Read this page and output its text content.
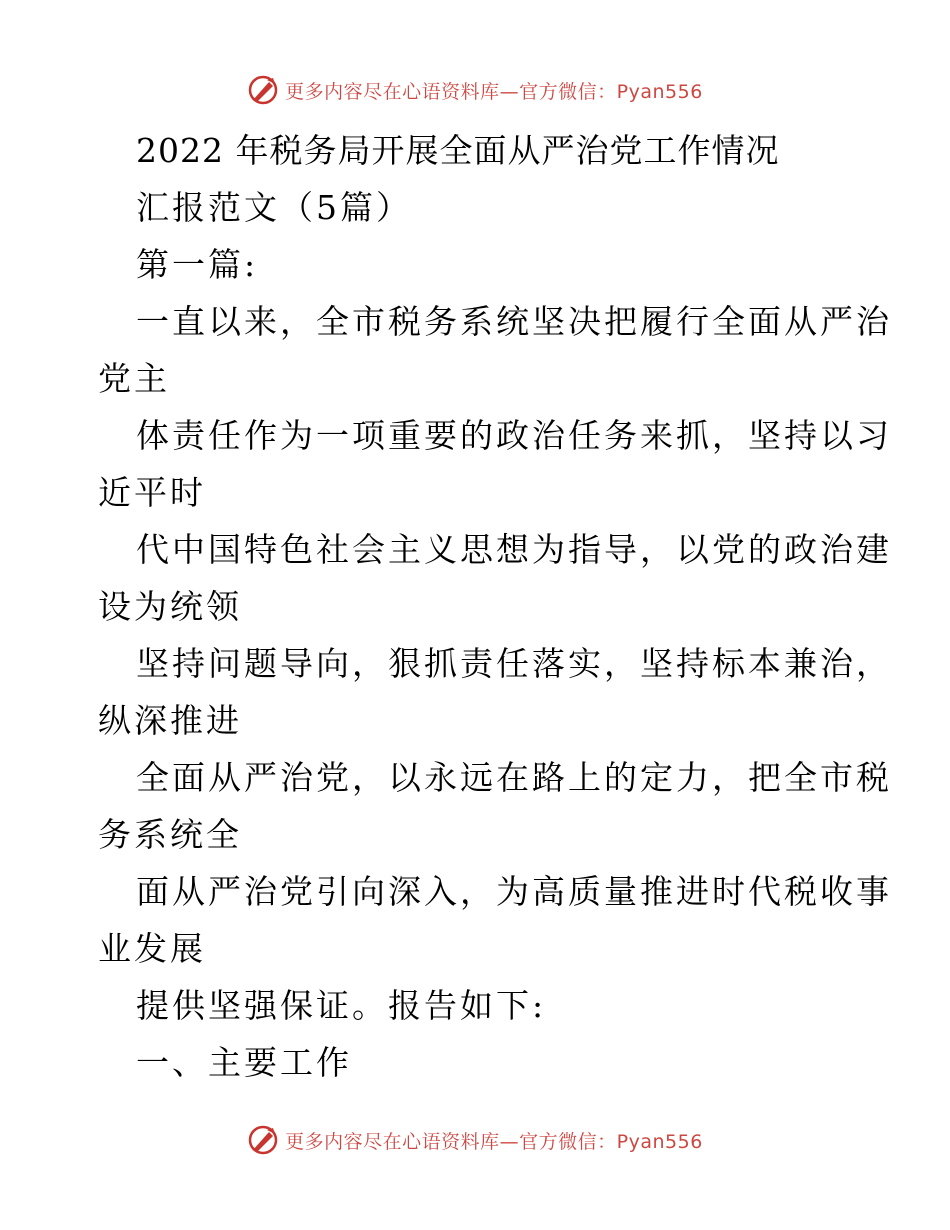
更多内容尽在心语资料库—官方微信：Pyan556
2022 年税务局开展全面从严治党工作情况
汇报范文（5篇）
第一篇:
一直以来，全市税务系统坚决把履行全面从严治
党主
体责任作为一项重要的政治任务来抓，坚持以习
近平时
代中国特色社会主义思想为指导，以党的政治建
设为统领
坚持问题导向，狠抓责任落实，坚持标本兼治，
纵深推进
全面从严治党，以永远在路上的定力，把全市税
务系统全
面从严治党引向深入，为高质量推进时代税收事
业发展
提供坚强保证。报告如下:
一、主要工作
更多内容尽在心语资料库—官方微信：Pyan556
